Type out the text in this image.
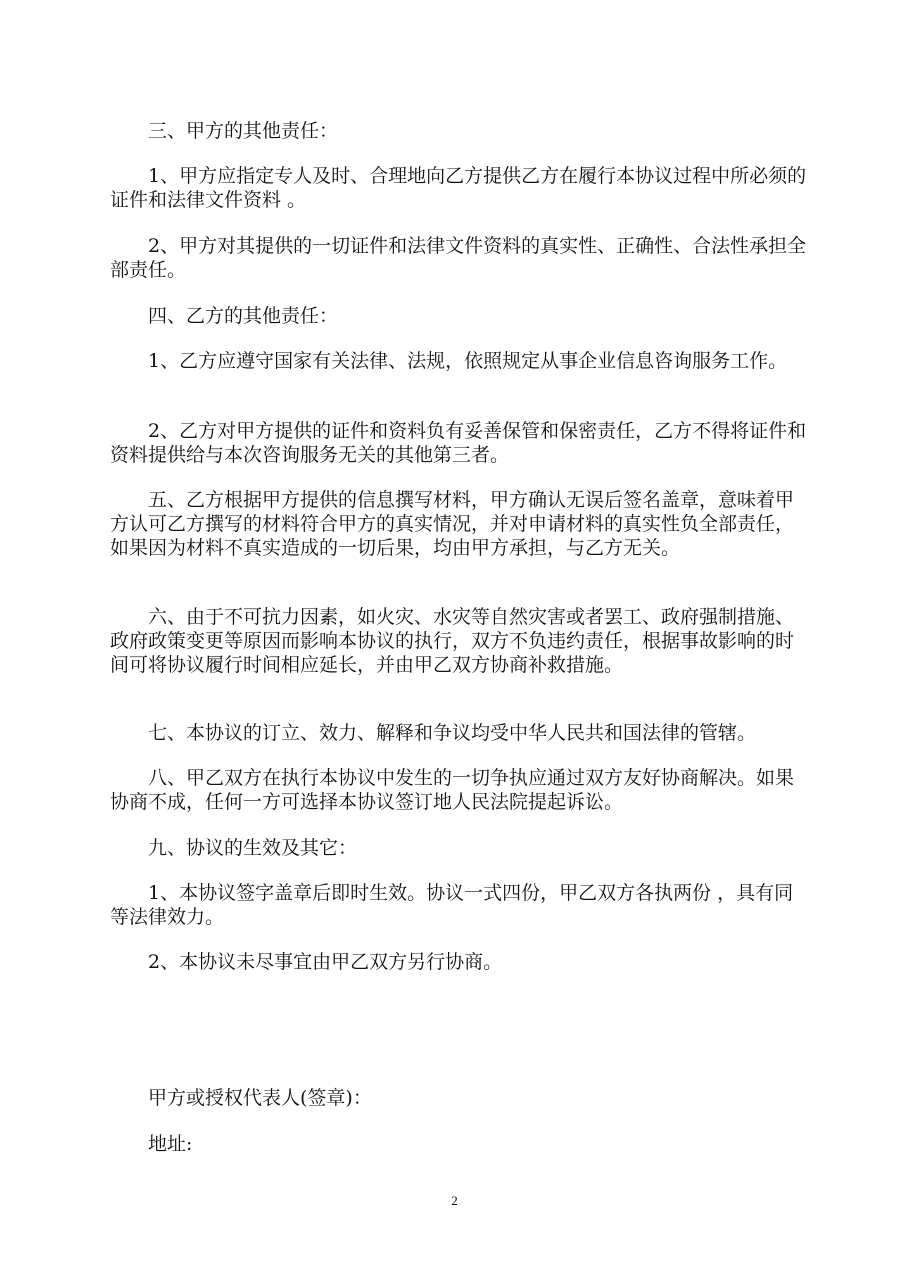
三、甲方的其他责任：

1、甲方应指定专人及时、合理地向乙方提供乙方在履行本协议过程中所必须的证件和法律文件资料 。

2、甲方对其提供的一切证件和法律文件资料的真实性、正确性、合法性承担全部责任。

四、乙方的其他责任：

1、乙方应遵守国家有关法律、法规，依照规定从事企业信息咨询服务工作。

2、乙方对甲方提供的证件和资料负有妥善保管和保密责任，乙方不得将证件和资料提供给与本次咨询服务无关的其他第三者。

五、乙方根据甲方提供的信息撰写材料，甲方确认无误后签名盖章，意味着甲方认可乙方撰写的材料符合甲方的真实情况，并对申请材料的真实性负全部责任，如果因为材料不真实造成的一切后果，均由甲方承担，与乙方无关。

六、由于不可抗力因素，如火灾、水灾等自然灾害或者罢工、政府强制措施、政府政策变更等原因而影响本协议的执行，双方不负违约责任，根据事故影响的时间可将协议履行时间相应延长，并由甲乙双方协商补救措施。

七、本协议的订立、效力、解释和争议均受中华人民共和国法律的管辖。

八、甲乙双方在执行本协议中发生的一切争执应通过双方友好协商解决。如果协商不成，任何一方可选择本协议签订地人民法院提起诉讼。

九、协议的生效及其它：

1、本协议签字盖章后即时生效。协议一式四份，甲乙双方各执两份 ，具有同等法律效力。

2、本协议未尽事宜由甲乙双方另行协商。

甲方或授权代表人(签章)：
地址:
2
